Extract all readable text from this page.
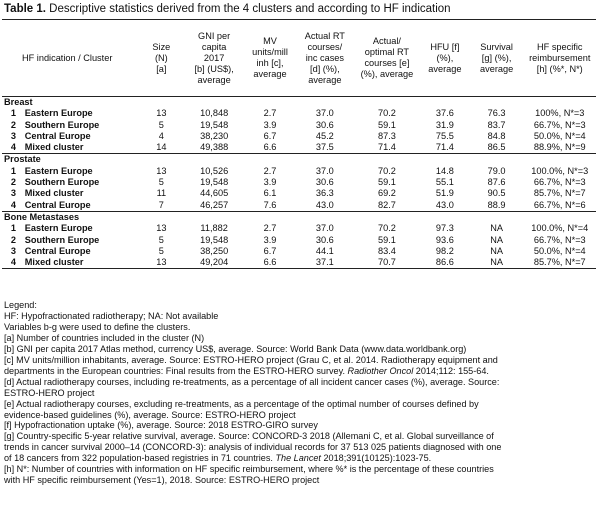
Table 1. Descriptive statistics derived from the 4 clusters and according to HF indication
HF indication / Cluster		Size
(N)
[a]	GNI per
capita
2017
[b] (US$),
average	MV
units/mill
inh [c],
average	Actual RT
courses/
inc cases
[d] (%),
average	Actual/
optimal RT
courses [e]
(%), average	HFU [f]
(%),
average	Survival
[g] (%),
average	HF specific
reimbursement
[h] (%*, N*)

Breast									
1	Eastern Europe	13	10,848	2.7	37.0	70.2	37.6	76.3	100%, N*=3
2	Southern Europe	5	19,548	3.9	30.6	59.1	31.9	83.7	66.7%, N*=3
3	Central Europe	4	38,230	6.7	45.2	87.3	75.5	84.8	50.0%, N*=4
4	Mixed cluster	14	49,388	6.6	37.5	71.4	71.4	86.5	88.9%, N*=9
Prostate									
1	Eastern Europe	13	10,526	2.7	37.0	70.2	14.8	79.0	100.0%, N*=3
2	Southern Europe	5	19,548	3.9	30.6	59.1	55.1	87.6	66.7%, N*=3
3	Mixed cluster	11	44,605	6.1	36.3	69.2	51.9	90.5	85.7%, N*=7
4	Central Europe	7	46,257	7.6	43.0	82.7	43.0	88.9	66.7%, N*=6
Bone Metastases									
1	Eastern Europe	13	11,882	2.7	37.0	70.2	97.3	NA	100.0%, N*=4
2	Southern Europe	5	19,548	3.9	30.6	59.1	93.6	NA	66.7%, N*=3
3	Central Europe	5	38,250	6.7	44.1	83.4	98.2	NA	50.0%, N*=4
4	Mixed cluster	13	49,204	6.6	37.1	70.7	86.6	NA	85.7%, N*=7
Legend:
HF: Hypofractionated radiotherapy; NA: Not available
Variables b-g were used to define the clusters.
[a] Number of countries included in the cluster (N)
[b] GNI per capita 2017 Atlas method, currency US$, average. Source: World Bank Data (www.data.worldbank.org)
[c] MV units/million inhabitants, average. Source: ESTRO-HERO project (Grau C, et al. 2014. Radiotherapy equipment and
departments in the European countries: Final results from the ESTRO-HERO survey. Radiother Oncol 2014;112: 155-64.
[d] Actual radiotherapy courses, including re-treatments, as a percentage of all incident cancer cases (%), average. Source:
ESTRO-HERO project
[e] Actual radiotherapy courses, excluding re-treatments, as a percentage of the optimal number of courses defined by
evidence-based guidelines (%), average. Source: ESTRO-HERO project
[f] Hypofractionation uptake (%), average. Source: 2018 ESTRO-GIRO survey
[g] Country-specific 5-year relative survival, average. Source: CONCORD-3 2018 (Allemani C, et al. Global surveillance of
trends in cancer survival 2000–14 (CONCORD-3): analysis of individual records for 37 513 025 patients diagnosed with one
of 18 cancers from 322 population-based registries in 71 countries. The Lancet 2018;391(10125):1023-75.
[h] N*: Number of countries with information on HF specific reimbursement, where %* is the percentage of these countries
with HF specific reimbursement (Yes=1), 2018. Source: ESTRO-HERO project
